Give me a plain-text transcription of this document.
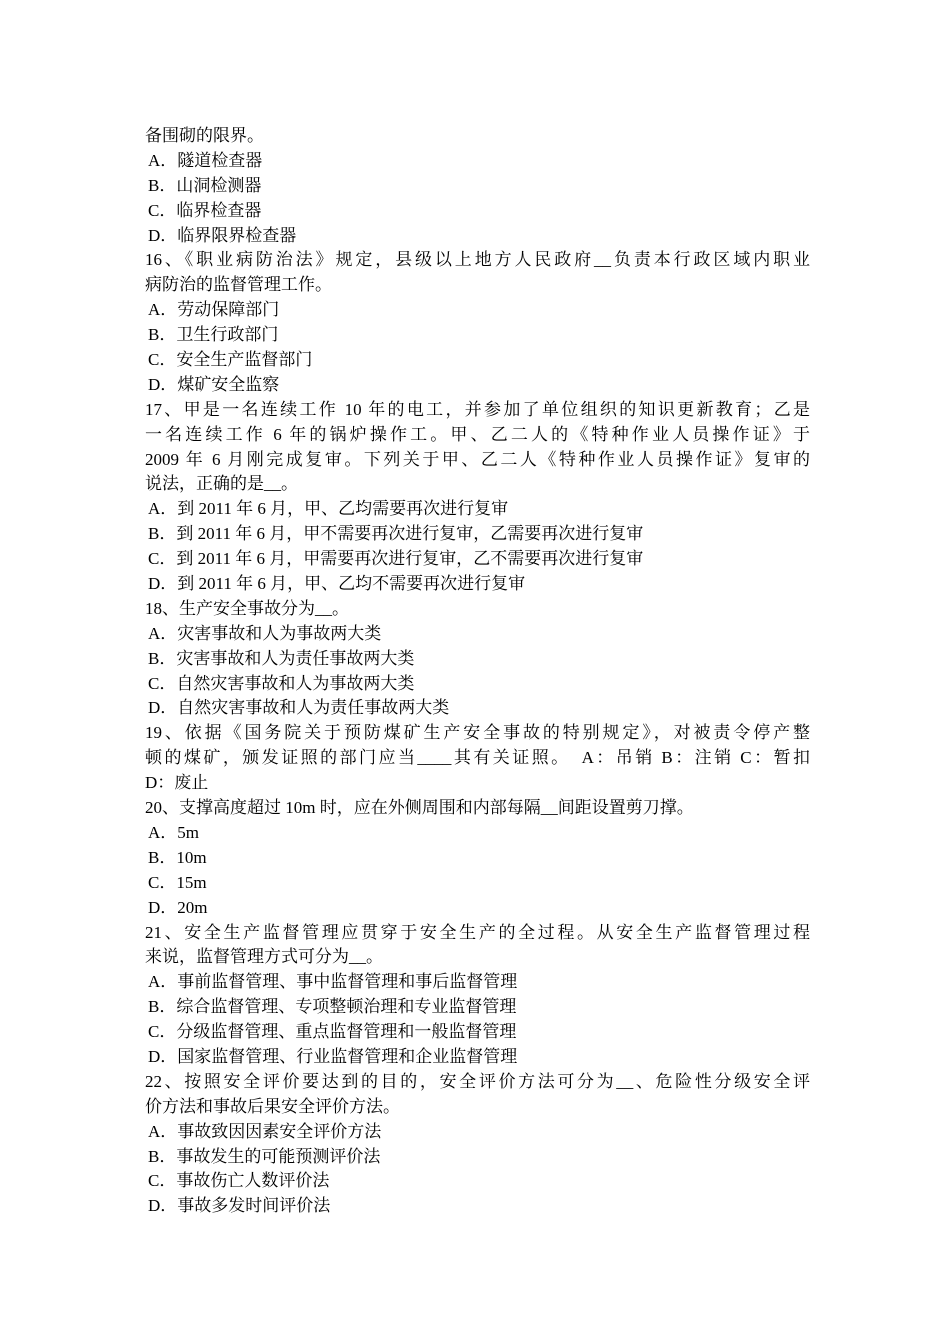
备围砌的限界。
A．隧道检查器
B．山洞检测器
C．临界检查器
D．临界限界检查器
16、《职业病防治法》规定，县级以上地方人民政府__负责本行政区域内职业
病防治的监督管理工作。
A．劳动保障部门
B．卫生行政部门
C．安全生产监督部门
D．煤矿安全监察
17、甲是一名连续工作 10 年的电工，并参加了单位组织的知识更新教育；乙是
一名连续工作 6 年的锅炉操作工。甲、乙二人的《特种作业人员操作证》于
2009 年 6 月刚完成复审。下列关于甲、乙二人《特种作业人员操作证》复审的
说法，正确的是__。
A．到 2011 年 6 月，甲、乙均需要再次进行复审
B．到 2011 年 6 月，甲不需要再次进行复审，乙需要再次进行复审
C．到 2011 年 6 月，甲需要再次进行复审，乙不需要再次进行复审
D．到 2011 年 6 月，甲、乙均不需要再次进行复审
18、生产安全事故分为__。
A．灾害事故和人为事故两大类
B．灾害事故和人为责任事故两大类
C．自然灾害事故和人为事故两大类
D．自然灾害事故和人为责任事故两大类
19、依据《国务院关于预防煤矿生产安全事故的特别规定》，对被责令停产整
顿的煤矿，颁发证照的部门应当____其有关证照。　A：吊销 B：注销 C：暂扣
D：废止
20、支撑高度超过 10m 时，应在外侧周围和内部每隔__间距设置剪刀撑。
A．5m
B．10m
C．15m
D．20m
21、安全生产监督管理应贯穿于安全生产的全过程。从安全生产监督管理过程
来说，监督管理方式可分为__。
A．事前监督管理、事中监督管理和事后监督管理
B．综合监督管理、专项整顿治理和专业监督管理
C．分级监督管理、重点监督管理和一般监督管理
D．国家监督管理、行业监督管理和企业监督管理
22、按照安全评价要达到的目的，安全评价方法可分为__、危险性分级安全评
价方法和事故后果安全评价方法。
A．事故致因因素安全评价方法
B．事故发生的可能预测评价法
C．事故伤亡人数评价法
D．事故多发时间评价法
